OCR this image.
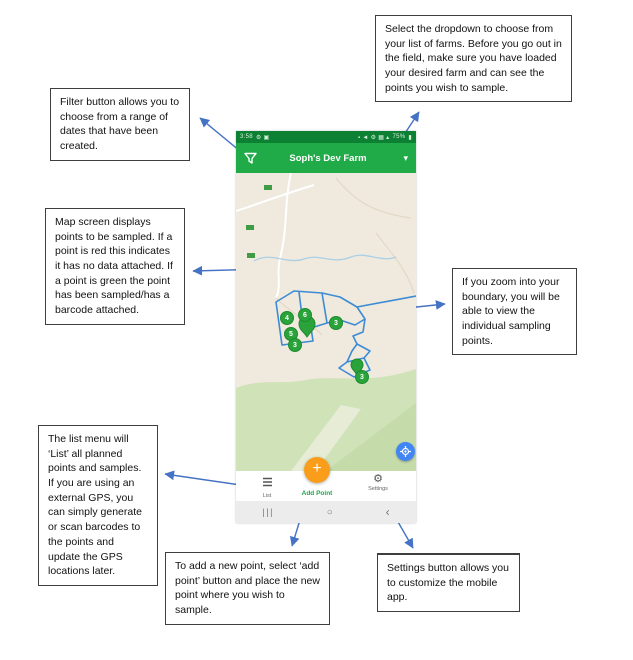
Select the dropdown to choose from your list of farms. Before you go out in the field, make sure you have loaded your desired farm and can see the points you wish to sample.
Filter button allows you to choose from a range of dates that have been created.
Map screen displays points to be sampled. If a point is red this indicates it has no data attached. If a point is green the point has been sampled/has a barcode attached.
If you zoom into your boundary, you will be able to view the individual sampling points.
The list menu will ‘List’ all planned points and samples. If you are using an external GPS, you can simply generate or scan barcodes to the points and update the GPS locations later.	To add a new point, select ‘add point’ button and place the new point where you wish to sample.
Settings button allows you to customize the mobile app.
3:58 ⚙ ▣	▪ ◄ ⚙ ▦ ▴ 75% ▮
Soph's Dev Farm	▾
4	6
5
3
3
3
+
List	Add Point
⚙
Settings
|||	○	‹
